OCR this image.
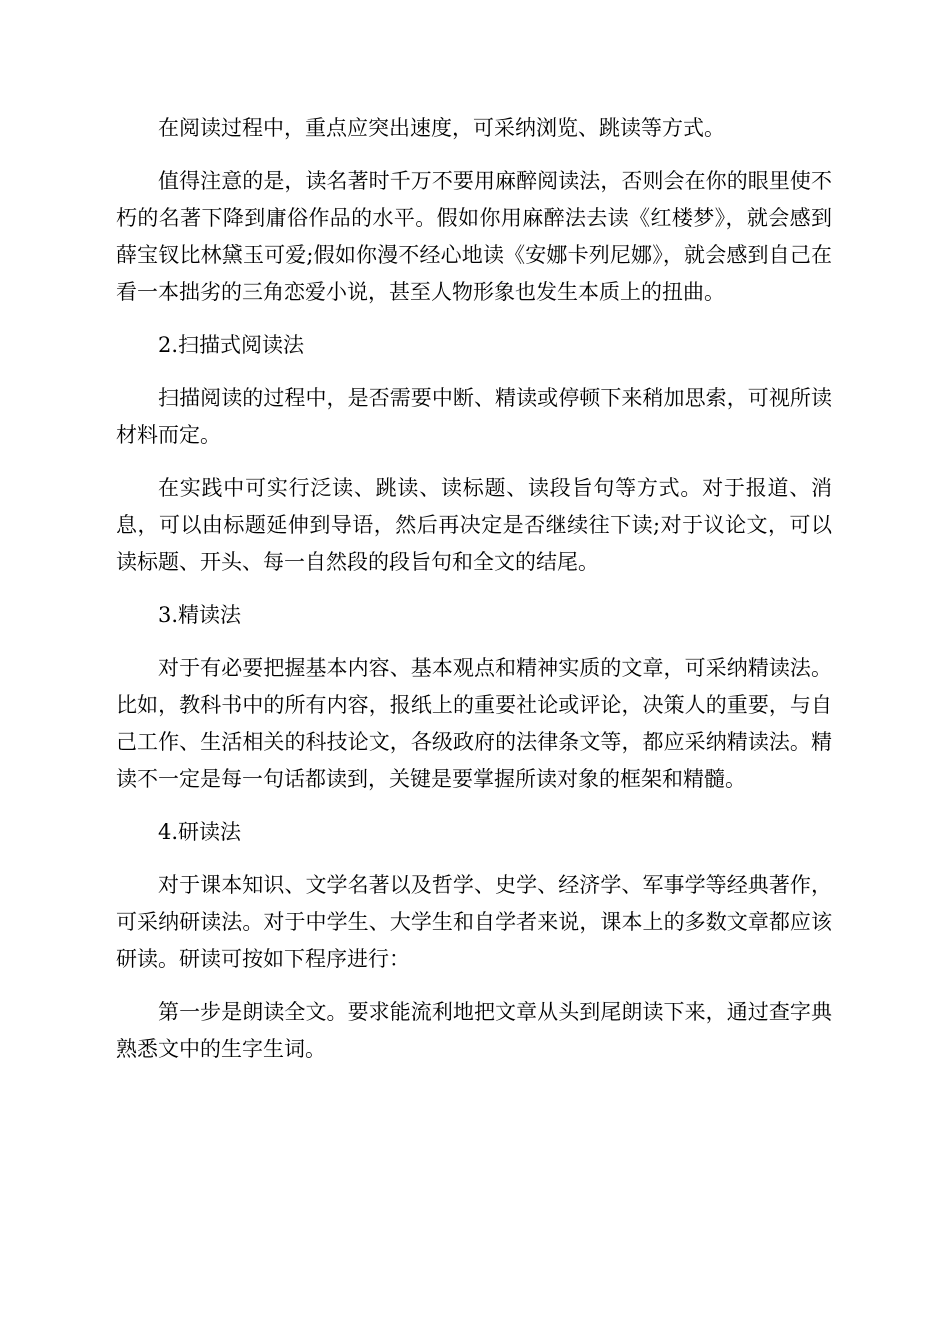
在阅读过程中，重点应突出速度，可采纳浏览、跳读等方式。

值得注意的是，读名著时千万不要用麻醉阅读法，否则会在你的眼里使不朽的名著下降到庸俗作品的水平。假如你用麻醉法去读《红楼梦》，就会感到薛宝钗比林黛玉可爱;假如你漫不经心地读《安娜卡列尼娜》，就会感到自己在看一本拙劣的三角恋爱小说，甚至人物形象也发生本质上的扭曲。

2.扫描式阅读法

扫描阅读的过程中，是否需要中断、精读或停顿下来稍加思索，可视所读材料而定。

在实践中可实行泛读、跳读、读标题、读段旨句等方式。对于报道、消息，可以由标题延伸到导语，然后再决定是否继续往下读;对于议论文，可以读标题、开头、每一自然段的段旨句和全文的结尾。

3.精读法

对于有必要把握基本内容、基本观点和精神实质的文章，可采纳精读法。比如，教科书中的所有内容，报纸上的重要社论或评论，决策人的重要，与自己工作、生活相关的科技论文，各级政府的法律条文等，都应采纳精读法。精读不一定是每一句话都读到，关键是要掌握所读对象的框架和精髓。

4.研读法

对于课本知识、文学名著以及哲学、史学、经济学、军事学等经典著作，可采纳研读法。对于中学生、大学生和自学者来说，课本上的多数文章都应该研读。研读可按如下程序进行：

第一步是朗读全文。要求能流利地把文章从头到尾朗读下来，通过查字典熟悉文中的生字生词。
